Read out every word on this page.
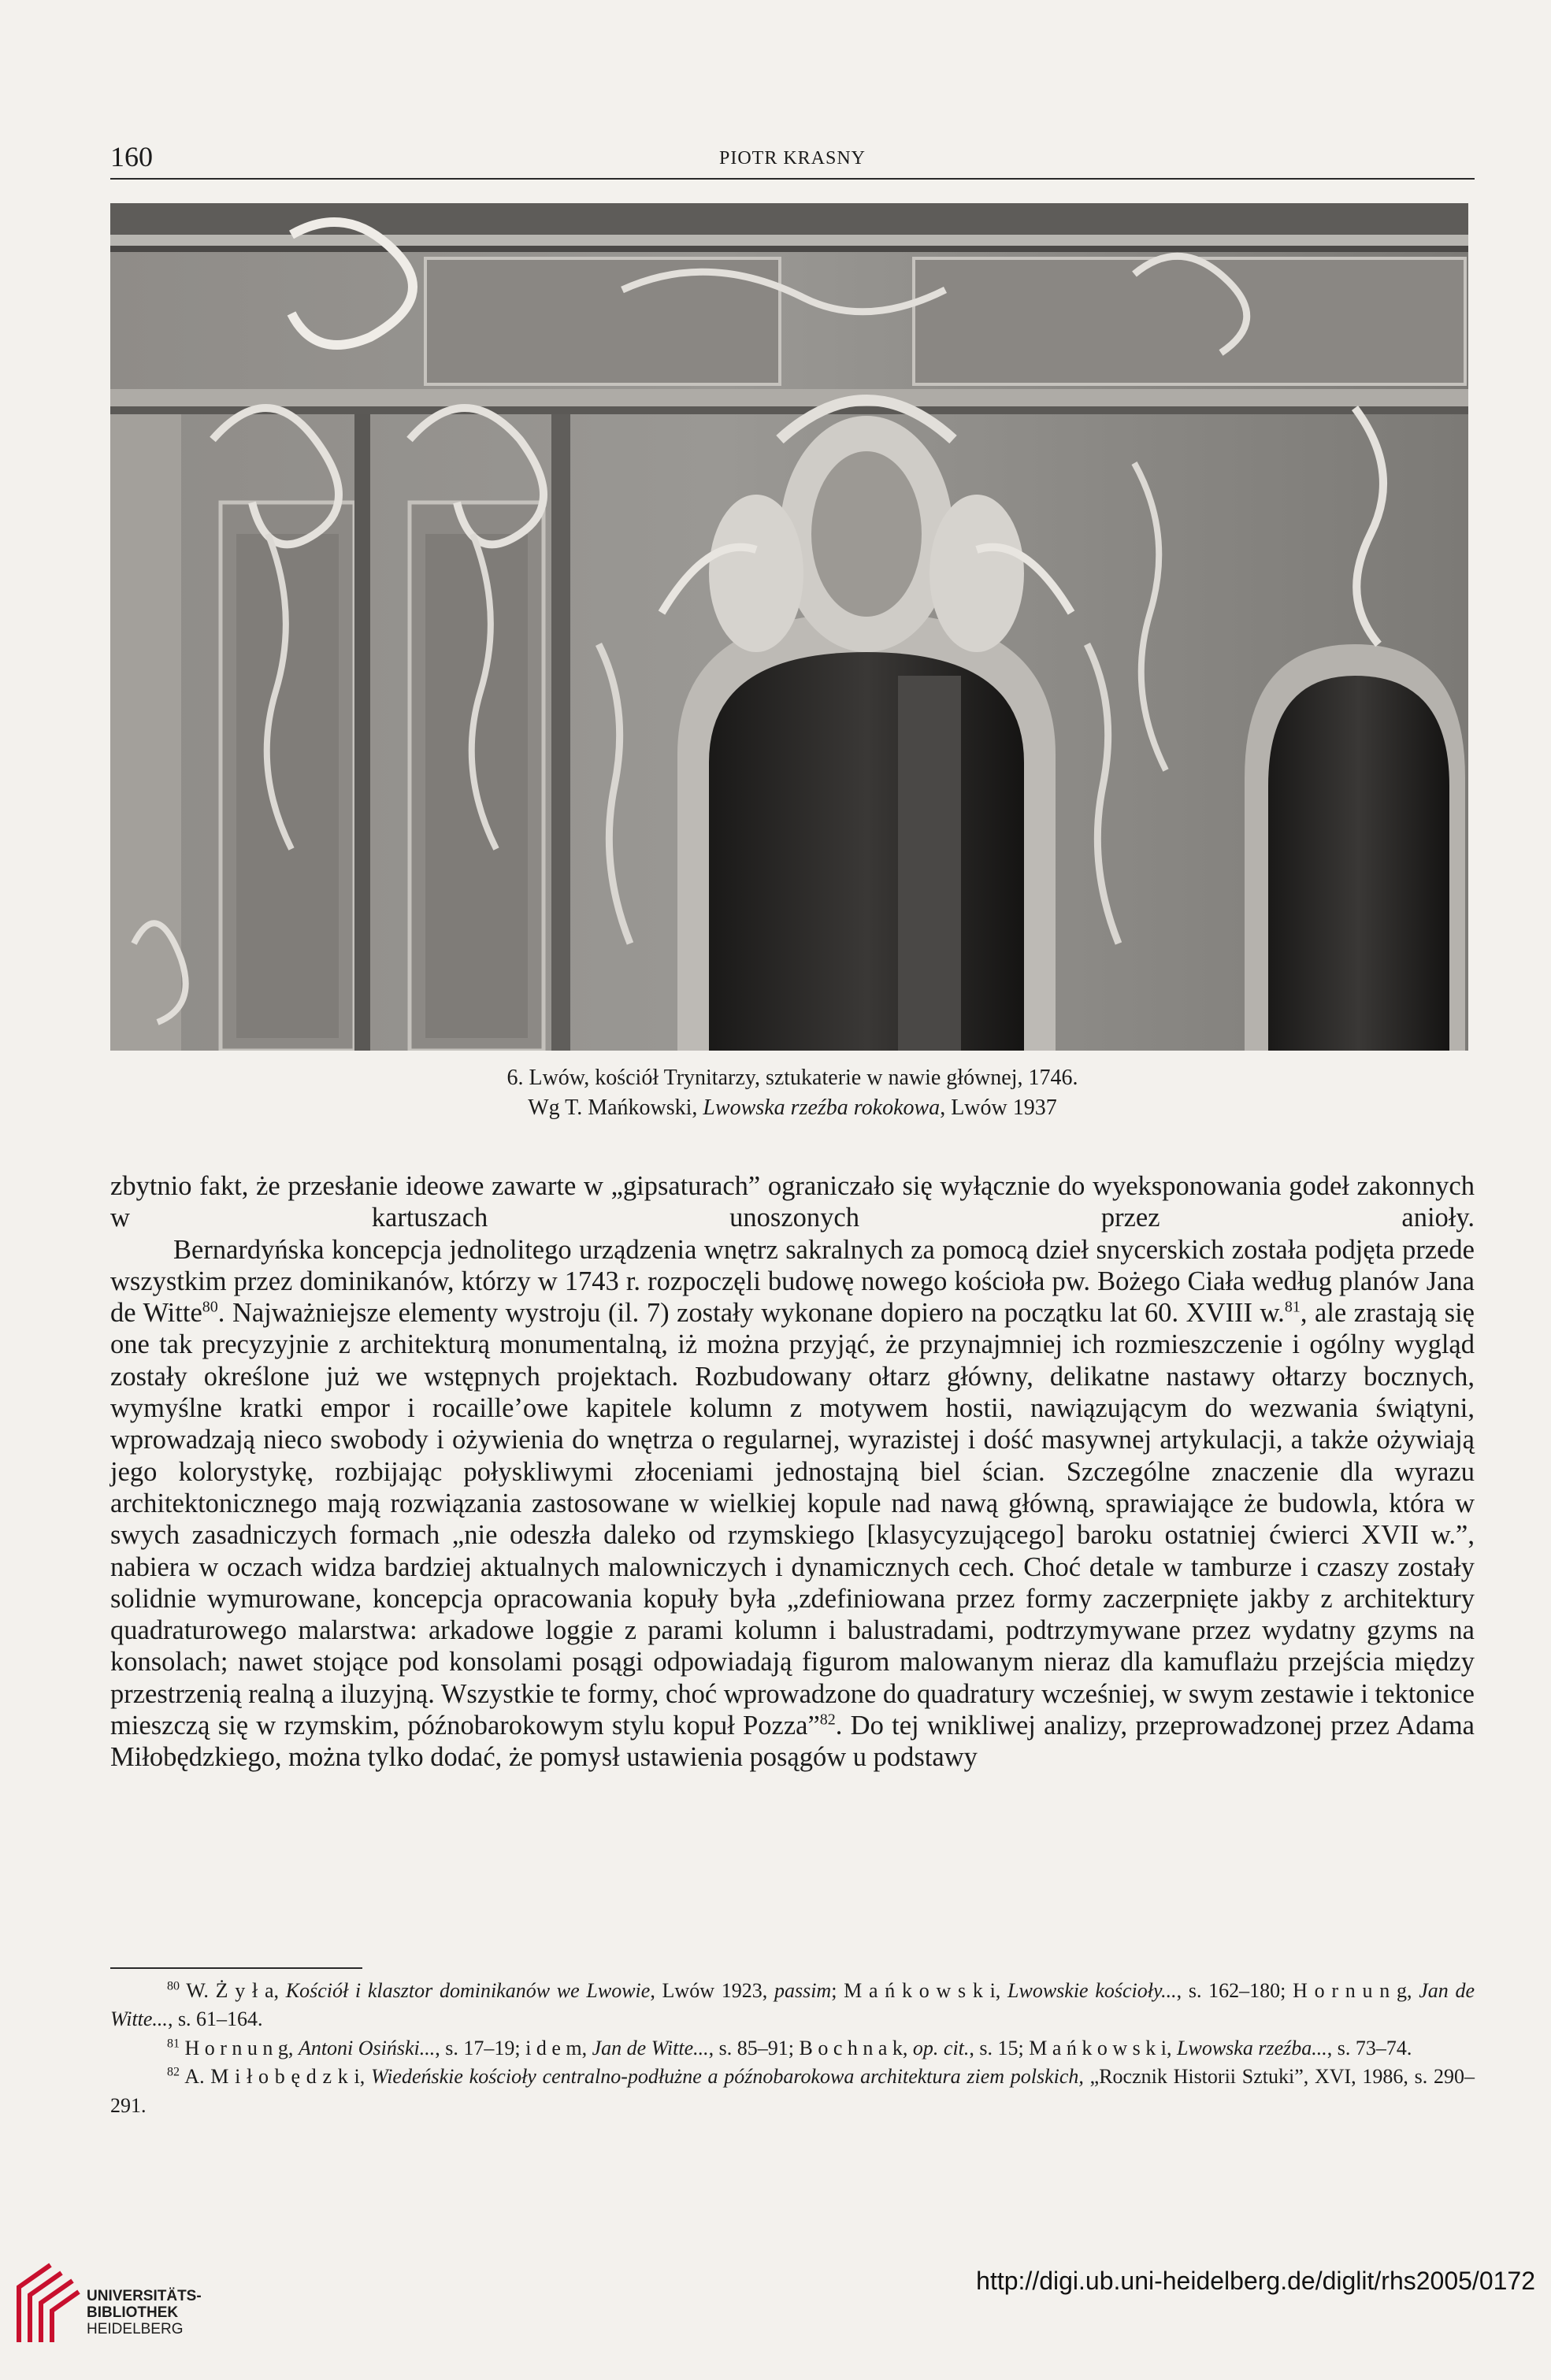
160	PIOTR KRASNY
6. Lwów, kościół Trynitarzy, sztukaterie w nawie głównej, 1746.
Wg T. Mańkowski, Lwowska rzeźba rokokowa, Lwów 1937

zbytnio fakt, że przesłanie ideowe zawarte w „gipsaturach” ograniczało się wyłącznie do wyeksponowania godeł zakonnych w kartuszach unoszonych przez anioły.

Bernardyńska koncepcja jednolitego urządzenia wnętrz sakralnych za pomocą dzieł snycerskich została podjęta przede wszystkim przez dominikanów, którzy w 1743 r. rozpoczęli budowę nowego kościoła pw. Bożego Ciała według planów Jana de Witte$^{80}$. Najważniejsze elementy wystroju (il. 7) zostały wykonane dopiero na początku lat 60. XVIII w.$^{81}$, ale zrastają się one tak precyzyjnie z architekturą monumentalną, iż można przyjąć, że przynajmniej ich rozmieszczenie i ogólny wygląd zostały określone już we wstępnych projektach. Rozbudowany ołtarz główny, delikatne nastawy ołtarzy bocznych, wymyślne kratki empor i rocaille’owe kapitele kolumn z motywem hostii, nawiązującym do wezwania świątyni, wprowadzają nieco swobody i ożywienia do wnętrza o regularnej, wyrazistej i dość masywnej artykulacji, a także ożywiają jego kolorystykę, rozbijając połyskliwymi złoceniami jednostajną biel ścian. Szczególne znaczenie dla wyrazu architektonicznego mają rozwiązania zastosowane w wielkiej kopule nad nawą główną, sprawiające że budowla, która w swych zasadniczych formach „nie odeszła daleko od rzymskiego [klasycyzującego] baroku ostatniej ćwierci XVII w.”, nabiera w oczach widza bardziej aktualnych malowniczych i dynamicznych cech. Choć detale w tamburze i czaszy zostały solidnie wymurowane, koncepcja opracowania kopuły była „zdefiniowana przez formy zaczerpnięte jakby z architektury quadraturowego malarstwa: arkadowe loggie z parami kolumn i balustradami, podtrzymywane przez wydatny gzyms na konsolach; nawet stojące pod konsolami posągi odpowiadają figurom malowanym nieraz dla kamuflażu przejścia między przestrzenią realną a iluzyjną. Wszystkie te formy, choć wprowadzone do quadratury wcześniej, w swym zestawie i tektonice mieszczą się w rzymskim, późnobarokowym stylu kopuł Pozza”$^{82}$. Do tej wnikliwej analizy, przeprowadzonej przez Adama Miłobędzkiego, można tylko dodać, że pomysł ustawienia posągów u podstawy

$^{80}$ W. Ż y ł a, Kościół i klasztor dominikanów we Lwowie, Lwów 1923, passim; M a ń k o w s k i, Lwowskie kościoły..., s. 162–180; H o r n u n g, Jan de Witte..., s. 61–164.

$^{81}$ H o r n u n g, Antoni Osiński..., s. 17–19; i d e m, Jan de Witte..., s. 85–91; B o c h n a k, op. cit., s. 15; M a ń k o w s k i, Lwowska rzeźba..., s. 73–74.

$^{82}$ A. M i ł o b ę d z k i, Wiedeńskie kościoły centralno-podłużne a późnobarokowa architektura ziem polskich, „Rocznik Historii Sztuki”, XVI, 1986, s. 290–291.

UNIVERSITÄTS-
BIBLIOTHEK
HEIDELBERG
http://digi.ub.uni-heidelberg.de/diglit/rhs2005/0172
